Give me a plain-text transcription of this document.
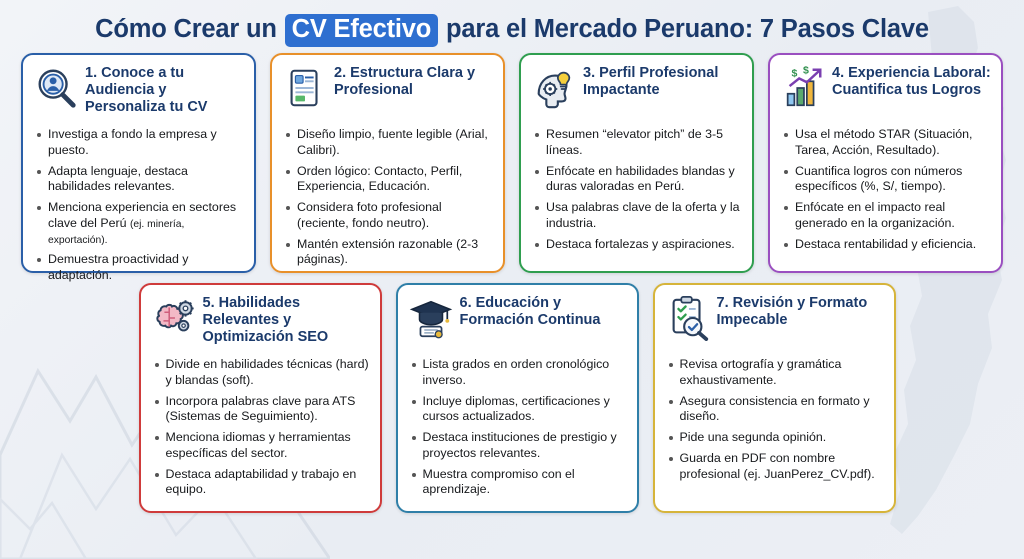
Cómo Crear un CV Efectivo para el Mercado Peruano: 7 Pasos Clave
1. Conoce a tu Audiencia y Personaliza tu CV
Investiga a fondo la empresa y puesto.
Adapta lenguaje, destaca habilidades relevantes.
Menciona experiencia en sectores clave del Perú (ej. minería, exportación).
Demuestra proactividad y adaptación.
2. Estructura Clara y Profesional
Diseño limpio, fuente legible (Arial, Calibri).
Orden lógico: Contacto, Perfil, Experiencia, Educación.
Considera foto profesional (reciente, fondo neutro).
Mantén extensión razonable (2-3 páginas).
3. Perfil Profesional Impactante
Resumen “elevator pitch” de 3-5 líneas.
Enfócate en habilidades blandas y duras valoradas en Perú.
Usa palabras clave de la oferta y la industria.
Destaca fortalezas y aspiraciones.
$ $ 4. Experiencia Laboral: Cuantifica tus Logros
Usa el método STAR (Situación, Tarea, Acción, Resultado).
Cuantifica logros con números específicos (%, S/, tiempo).
Enfócate en el impacto real generado en la organización.
Destaca rentabilidad y eficiencia.
5. Habilidades Relevantes y Optimización SEO
Divide en habilidades técnicas (hard) y blandas (soft).
Incorpora palabras clave para ATS (Sistemas de Seguimiento).
Menciona idiomas y herramientas específicas del sector.
Destaca adaptabilidad y trabajo en equipo.
6. Educación y Formación Continua
Lista grados en orden cronológico inverso.
Incluye diplomas, certificaciones y cursos actualizados.
Destaca instituciones de prestigio y proyectos relevantes.
Muestra compromiso con el aprendizaje.
7. Revisión y Formato Impecable
Revisa ortografía y gramática exhaustivamente.
Asegura consistencia en formato y diseño.
Pide una segunda opinión.
Guarda en PDF con nombre profesional (ej. JuanPerez_CV.pdf).
